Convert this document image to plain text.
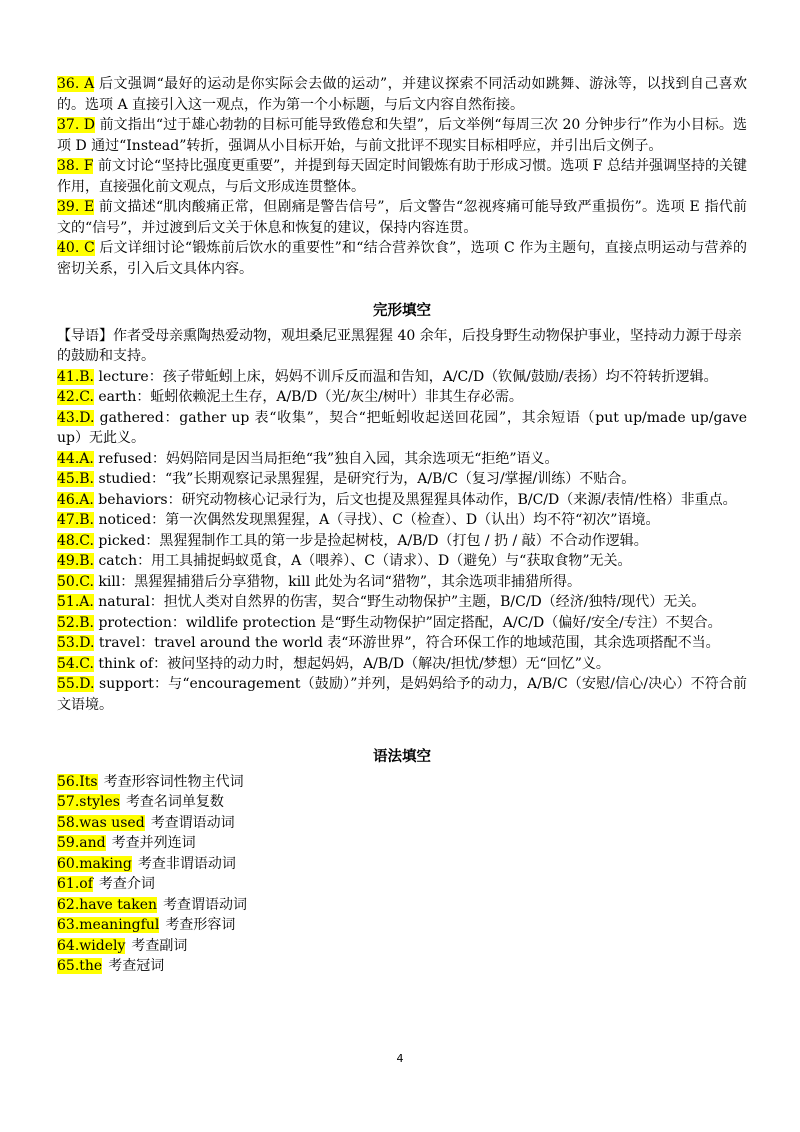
36. A 后文强调“最好的运动是你实际会去做的运动”，并建议探索不同活动如跳舞、游泳等，以找到自己喜欢的。选项 A 直接引入这一观点，作为第一个小标题，与后文内容自然衔接。

37. D 前文指出“过于雄心勃勃的目标可能导致倦怠和失望”，后文举例“每周三次 20 分钟步行”作为小目标。选项 D 通过“Instead”转折，强调从小目标开始，与前文批评不现实目标相呼应，并引出后文例子。

38. F 前文讨论“坚持比强度更重要”，并提到每天固定时间锻炼有助于形成习惯。选项 F 总结并强调坚持的关键作用，直接强化前文观点，与后文形成连贯整体。

39. E 前文描述“肌肉酸痛正常，但剧痛是警告信号”，后文警告“忽视疼痛可能导致严重损伤”。选项 E 指代前文的“信号”，并过渡到后文关于休息和恢复的建议，保持内容连贯。

40. C 后文详细讨论“锻炼前后饮水的重要性”和“结合营养饮食”，选项 C 作为主题句，直接点明运动与营养的密切关系，引入后文具体内容。

完形填空

【导语】作者受母亲熏陶热爱动物，观坦桑尼亚黑猩猩 40 余年，后投身野生动物保护事业，坚持动力源于母亲的鼓励和支持。

41.B. lecture：孩子带蚯蚓上床，妈妈不训斥反而温和告知，A/C/D（钦佩/鼓励/表扬）均不符转折逻辑。

42.C. earth：蚯蚓依赖泥土生存，A/B/D（光/灰尘/树叶）非其生存必需。

43.D. gathered：gather up 表“收集”，契合“把蚯蚓收起送回花园”，其余短语（put up/made up/gave up）无此义。

44.A. refused：妈妈陪同是因当局拒绝“我”独自入园，其余选项无“拒绝”语义。

45.B. studied：“我”长期观察记录黑猩猩，是研究行为，A/B/C（复习/掌握/训练）不贴合。

46.A. behaviors：研究动物核心记录行为，后文也提及黑猩猩具体动作，B/C/D（来源/表情/性格）非重点。

47.B. noticed：第一次偶然发现黑猩猩，A（寻找）、C（检查）、D（认出）均不符“初次”语境。

48.C. picked：黑猩猩制作工具的第一步是捡起树枝，A/B/D（打包 / 扔 / 敲）不合动作逻辑。

49.B. catch：用工具捕捉蚂蚁觅食，A（喂养）、C（请求）、D（避免）与“获取食物”无关。

50.C. kill：黑猩猩捕猎后分享猎物，kill 此处为名词“猎物”，其余选项非捕猎所得。

51.A. natural：担忧人类对自然界的伤害，契合“野生动物保护”主题，B/C/D（经济/独特/现代）无关。

52.B. protection：wildlife protection 是“野生动物保护”固定搭配，A/C/D（偏好/安全/专注）不契合。

53.D. travel：travel around the world 表“环游世界”，符合环保工作的地域范围，其余选项搭配不当。

54.C. think of：被问坚持的动力时，想起妈妈，A/B/D（解决/担忧/梦想）无“回忆”义。

55.D. support：与“encouragement（鼓励）”并列，是妈妈给予的动力，A/B/C（安慰/信心/决心）不符合前文语境。

语法填空

56.Its 考查形容词性物主代词

57.styles 考查名词单复数

58.was used 考查谓语动词

59.and 考查并列连词

60.making 考查非谓语动词

61.of 考查介词

62.have taken 考查谓语动词

63.meaningful 考查形容词

64.widely 考查副词

65.the 考查冠词

4
